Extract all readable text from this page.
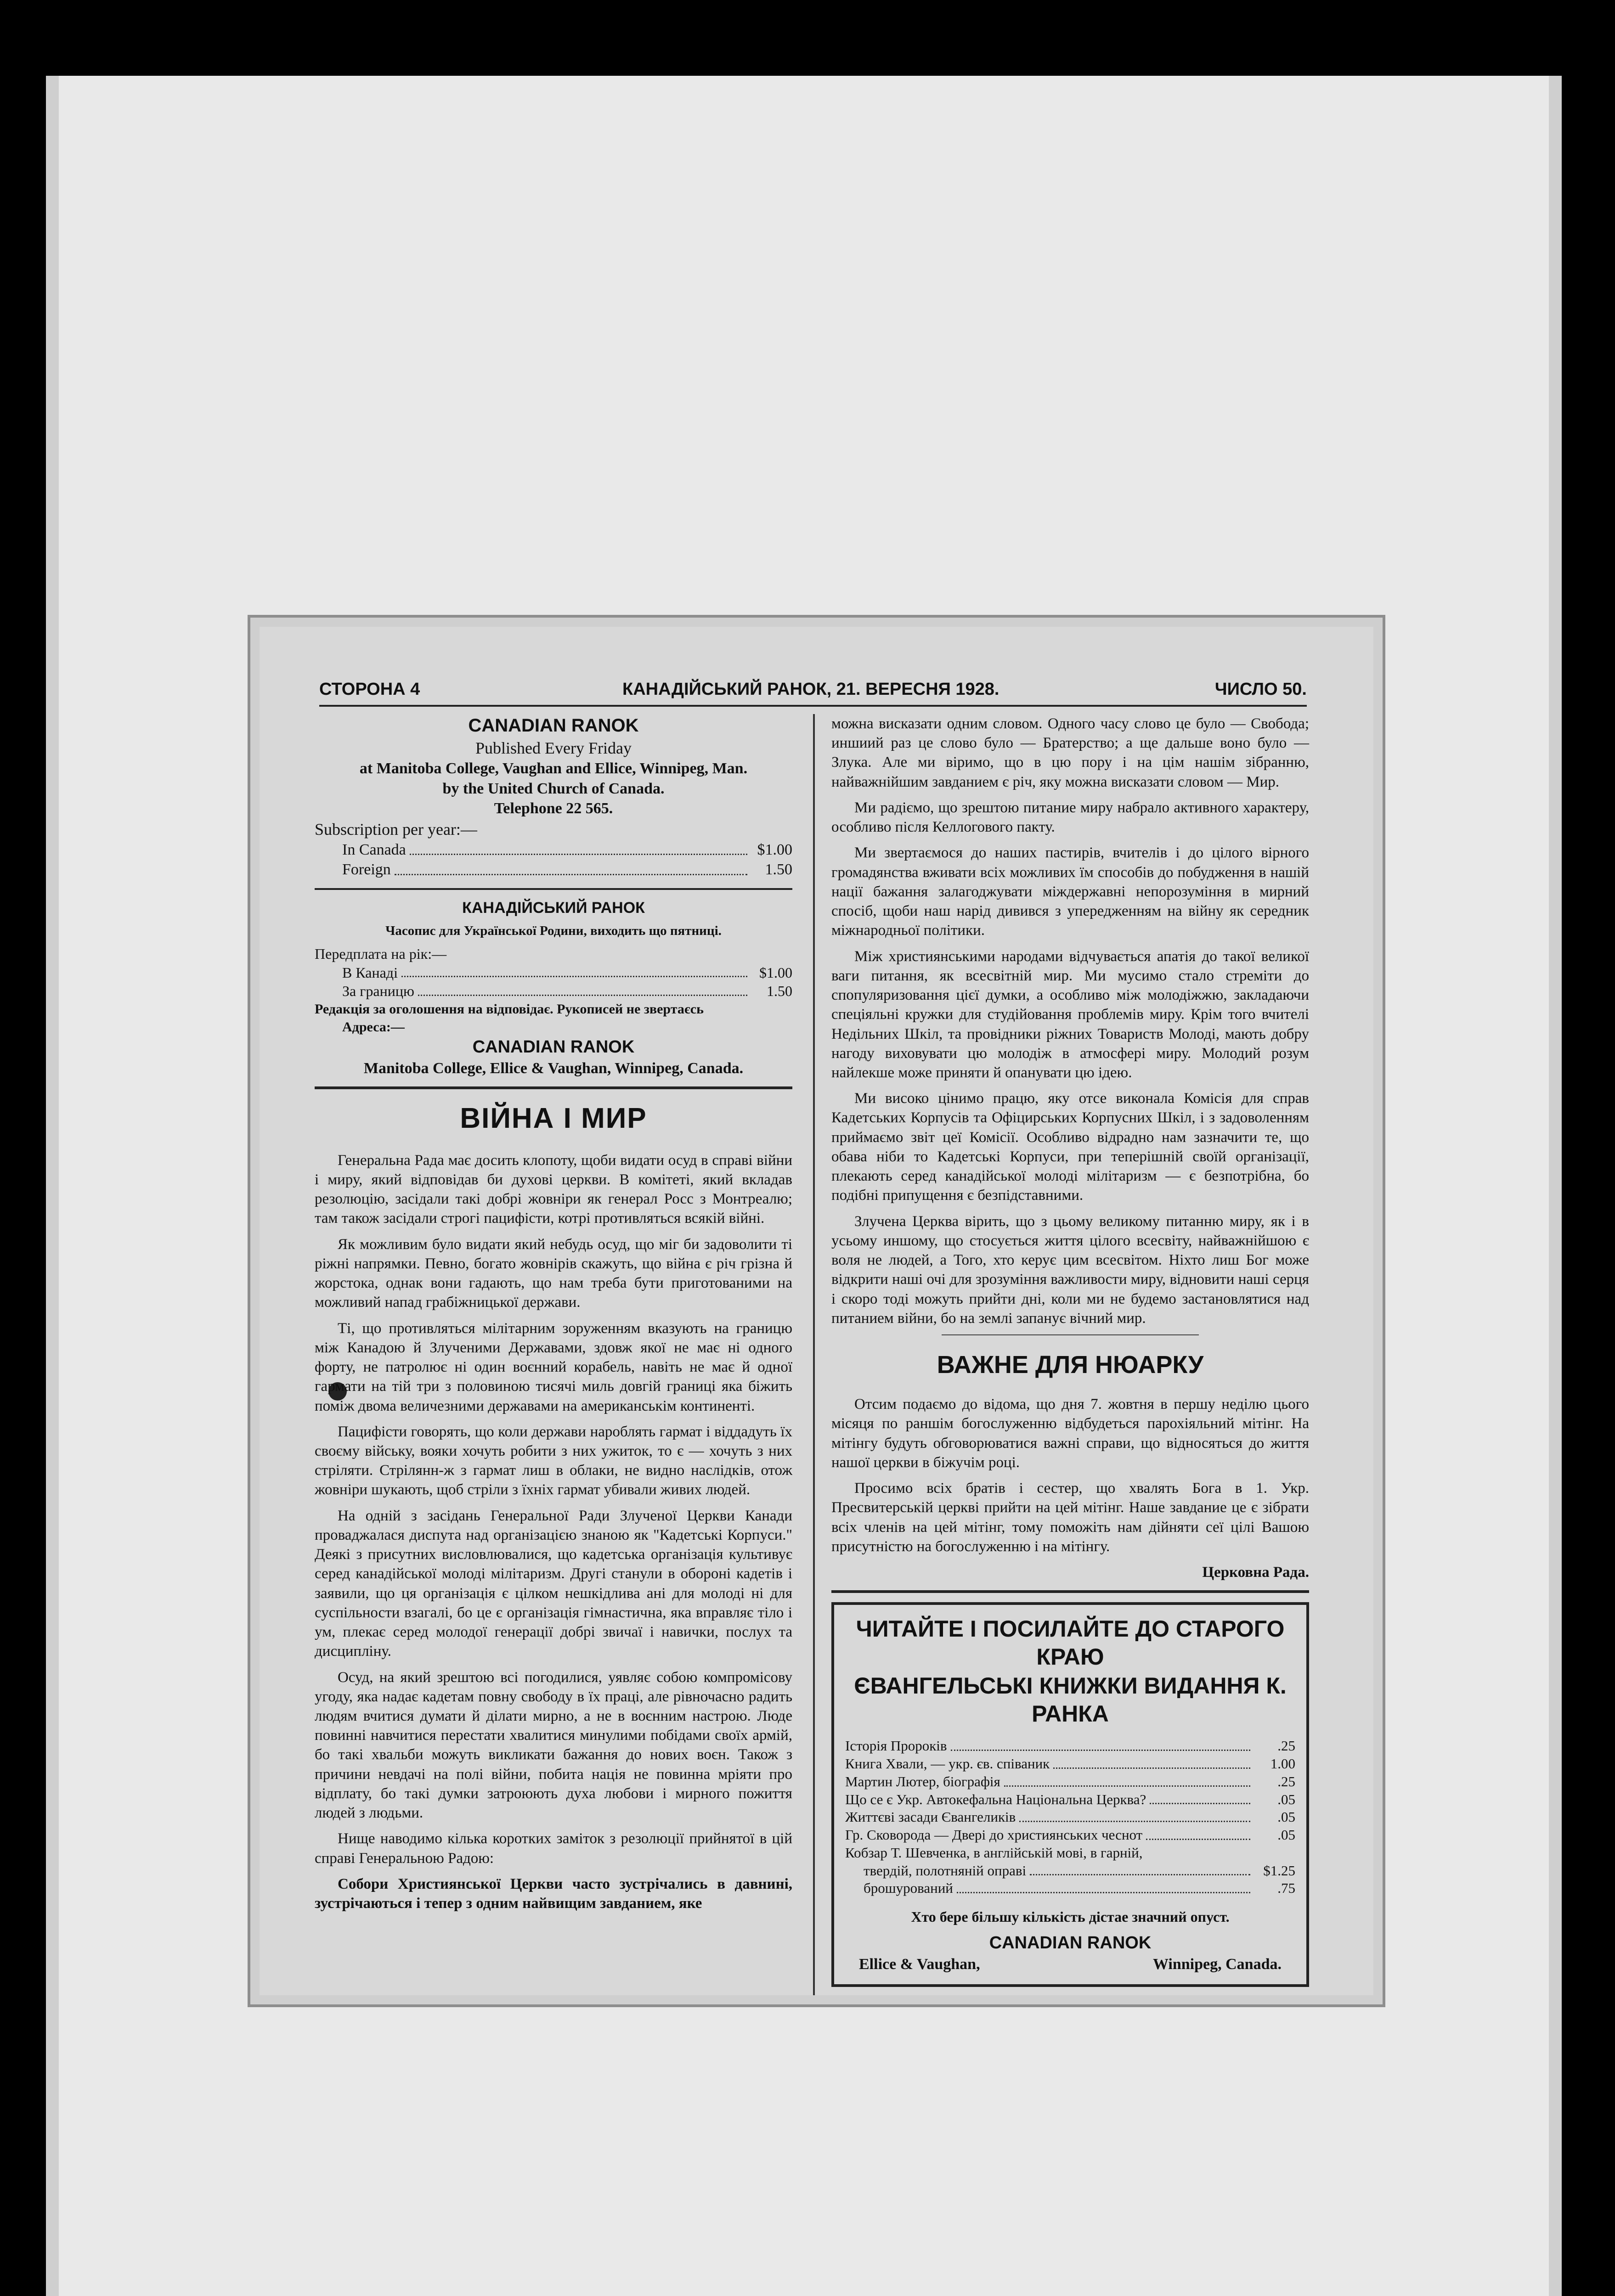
СТОРОНА 4	КАНАДІЙСЬКИЙ РАНОК, 21. ВЕРЕСНЯ 1928.	ЧИСЛО 50.
CANADIAN RANOK
Published Every Friday
at Manitoba College, Vaughan and Ellice, Winnipeg, Man.
by the United Church of Canada.
Telephone 22 565.
Subscription per year:—
In Canada	$1.00
Foreign	1.50
КАНАДІЙСЬКИЙ РАНОК
Часопис для Української Родини, виходить що пятниці.
Передплата на рік:—
В Канаді	$1.00
За границю	1.50
Редакція за оголошення на відповідає. Рукописей не звертаєсь
Адреса:—
CANADIAN RANOK
Manitoba College, Ellice & Vaughan, Winnipeg, Canada.
ВІЙНА І МИР

Генеральна Рада має досить клопоту, щоби видати осуд в справі війни і миру, який відповідав би духові церкви. В комітеті, який вкладав резолюцію, засідали такі добрі жовніри як генерал Росс з Монтреалю; там також засідали строгі пацифісти, котрі противляться всякій війні.

Як можливим було видати який небудь осуд, що мiг би задоволити ті ріжні напрямки. Певно, богато жовнірів скажуть, що війна є річ грізна й жорстока, однак вони гадають, що нам треба бути приготованими на можливий напад грабіжницької держави.

Ті, що противляться мілітарним зоруженням вказують на границю між Канадою й Злученими Державами, здовж якої не має ні одного форту, не патролює ні один воєнний корабель, навіть не має й одної гармати на тій три з половиною тисячі миль довгій границі яка біжить поміж двома величезними державами на американськім континенті.

Пацифісти говорять, що коли держави нароблять гармат і віддадуть їх своєму війську, вояки хочуть робити з них ужиток, то є — хочуть з них стріляти. Стрілянн-ж з гармат лиш в облаки, не видно наслідків, отож жовніри шукають, щоб стріли з їхніх гармат убивали живих людей.

На одній з засідань Генеральної Ради Злученої Церкви Канади проваджалася диспута над організацією знаною як "Кадетські Корпуси." Деякі з присутних висловлювалися, що кадетська організація культивує серед канадійської молоді мілітаризм. Другі станули в обороні кадетів і заявили, що ця організація є цілком нешкідлива ані для молоді ні для суспільности взагалі, бо це є організація гімнастична, яка вправляє тіло і ум, плекає серед молодої генерації добрі звичаї і навички, послух та дисципліну.

Осуд, на який зрештою всі погодилися, уявляє собою компромісову угоду, яка надає кадетам повну свободу в їх праці, але рівночасно радить людям вчитися думати й ділати мирно, а не в воєнним настрою. Люде повинні навчитися перестати хвалитися минулими побідами своїх армій, бо такі хвальби можуть викликати бажання до нових воєн. Також з причини невдачі на полі війни, побита нація не повинна мріяти про відплату, бо такі думки затроюють духа любови і мирного пожиття людей з людьми.

Нище наводимо кілька коротких заміток з резолюції прийнятої в цій справі Генеральною Радою:

Собори Християнської Церкви часто зустрічались в давнині, зустрічаються і тепер з одним найвищим завданием, яке

можна висказати одним словом. Одного часу слово це було — Свобода; иншиий раз це слово було — Братерство; а ще дальше воно було — Злука. Але ми віримо, що в цю пору і на цім нашім зібранню, найважнійшим завданием є річ, яку можна висказати словом — Мир.

Ми радіємо, що зрештою питание миру набрало активного характеру, особливо після Келлогового пакту.

Ми звертаємося до наших пастирів, вчителів і до цілого вірного громадянства вживати всіх можливих їм способів до побудження в нашій нації бажання залагоджувати міждержавні непорозуміння в мирний спосіб, щоби наш нарід дивився з упередженням на війну як середник міжнародньої політики.

Між християнськими народами відчувається апатія до такої великої ваги питання, як всесвітній мир. Ми мусимо стало стреміти до спопуляризовання цієї думки, а особливо між молодіжжю, закладаючи спеціяльні кружки для студійовання проблемів миру. Крім того вчителі Недільних Шкіл, та провідники ріжних Товариств Молоді, мають добру нагоду виховувати цю молодіж в атмосфері миру. Молодий розум найлекше може приняти й опанувати цю ідею.

Ми високо цінимо працю, яку отсе виконала Комісія для справ Кадетських Корпусів та Офіцирських Корпусних Шкіл, і з задоволенням приймаємо звіт цеї Комісії. Особливо відрадно нам зазначити те, що обава ніби то Кадетські Корпуси, при теперішній своїй організації, плекають серед канадійської молоді мілітаризм — є безпотрібна, бо подібні припущення є безпідставними.

Злучена Церква вірить, що з цьому великому питанню миру, як і в усьому иншому, що стосується життя цілого всесвіту, найважнійшою є воля не людей, а Того, хто керує цим всесвітом. Ніхто лиш Бог може відкрити наші очі для зрозуміння важливости миру, відновити наші серця і скоро тоді можуть прийти дні, коли ми не будемо застановлятися над питанием війни, бо на землі запанує вічний мир.

ВАЖНЕ ДЛЯ НЮАРКУ

Отсим подаємо до відома, що дня 7. жовтня в першу неділю цього місяця по раншім богослуженню відбудеться парохіяльний мітінг. На мітінгу будуть обговорюватися важні справи, що відносяться до життя нашої церкви в біжучім році.

Просимо всіх братів і сестер, що хвалять Бога в 1. Укр. Пресвитерській церкві прийти на цей мітінг. Наше завдание це є зібрати всіх членів на цей мітінг, тому поможіть нам дійняти сеї цілі Вашою присутністю на богослуженню і на мітінгу.

Церковна Рада.
ЧИТАЙТЕ І ПОСИЛАЙТЕ ДО СТАРОГО КРАЮ
ЄВАНГЕЛЬСЬКІ КНИЖКИ ВИДАННЯ К. РАНКА
Історія Пророків	.25
Книга Хвали, — укр. єв. співаник	1.00
Мартин Лютер, біографія	.25
Що се є Укр. Автокефальна Національна Церква?	.05
Життєві засади Євангеликів	.05
Гр. Сковорода — Двері до християнських чеснот	.05
Кобзар Т. Шевченка, в англійській мові, в гарній,
твердій, полотняній оправі	$1.25
брошурований	.75
Хто бере більшу кількість дістае значний опуст.
CANADIAN RANOK
Ellice & Vaughan,	Winnipeg, Canada.
